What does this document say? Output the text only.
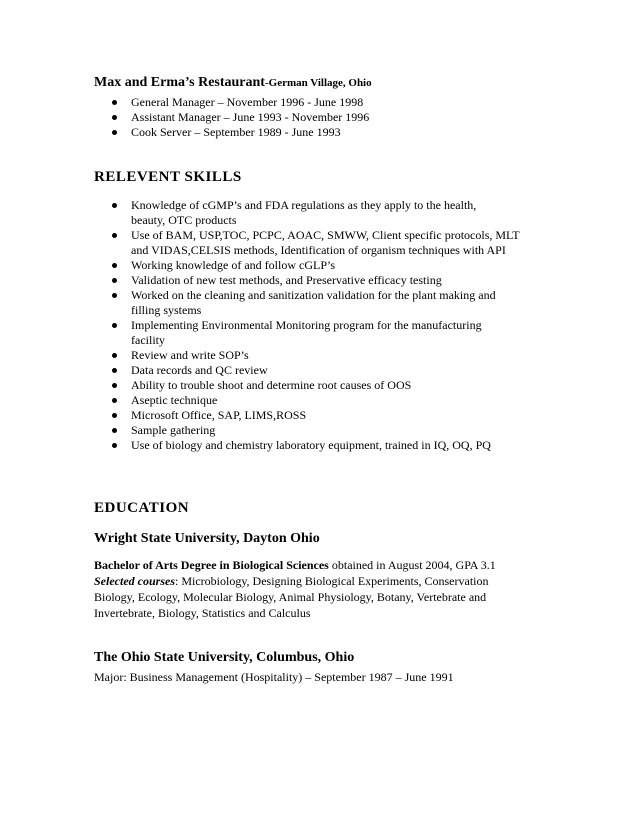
Max and Erma’s Restaurant-German Village, Ohio

General Manager – November 1996 - June 1998
Assistant Manager – June 1993 - November 1996
Cook Server – September 1989 - June 1993

RELEVENT SKILLS

Knowledge of cGMP’s and FDA regulations as they apply to the health,
beauty, OTC products
Use of BAM, USP,TOC, PCPC, AOAC, SMWW, Client specific protocols, MLT
and VIDAS,CELSIS methods, Identification of organism techniques with API
Working knowledge of and follow cGLP’s
Validation of new test methods, and Preservative efficacy testing
Worked on the cleaning and sanitization validation for the plant making and
filling systems
Implementing Environmental Monitoring program for the manufacturing
facility
Review and write SOP’s
Data records and QC review
Ability to trouble shoot and determine root causes of OOS
Aseptic technique
Microsoft Office, SAP, LIMS,ROSS
Sample gathering
Use of biology and chemistry laboratory equipment, trained in IQ, OQ, PQ

EDUCATION

Wright State University, Dayton Ohio

Bachelor of Arts Degree in Biological Sciences obtained in August 2004, GPA 3.1
Selected courses: Microbiology, Designing Biological Experiments, Conservation
Biology, Ecology, Molecular Biology, Animal Physiology, Botany, Vertebrate and
Invertebrate, Biology, Statistics and Calculus

The Ohio State University, Columbus, Ohio

Major: Business Management (Hospitality) – September 1987 – June 1991
